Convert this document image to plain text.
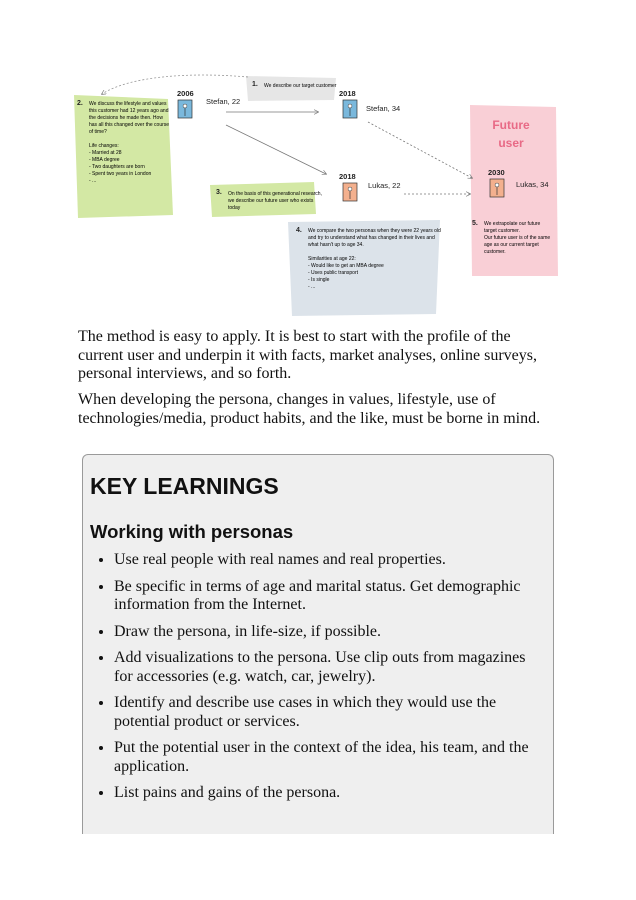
1.
2.
3.
4.
5.
We describe our target customer
We discuss the lifestyle and values this customer had 12 years ago and the decisions he made then. How has all this changed over the course of time? Life changes: - Married at 28 - MBA degree - Two daughters are born - Spent two years in London - ...
On the basis of this generational research, we describe our future user who exists today
We compare the two personas when they were 22 years old and try to understand what has changed in their lives and what hasn't up to age 34. Similarities at age 22: - Would like to get an MBA degree - Uses public transport - Is single - ...
We extrapolate our future target customer. Our future user is of the same age as our current target customer.
Future
user
2006
Stefan, 22
2018
Stefan, 34
2018
Lukas, 22
2030
Lukas, 34

The method is easy to apply. It is best to start with the profile of the current user and underpin it with facts, market analyses, online surveys, personal interviews, and so forth.

When developing the persona, changes in values, lifestyle, use of technologies/media, product habits, and the like, must be borne in mind.

KEY LEARNINGS
Working with personas
• Use real people with real names and real properties.
• Be specific in terms of age and marital status. Get demographic information from the Internet.
• Draw the persona, in life-size, if possible.
• Add visualizations to the persona. Use clip outs from magazines for accessories (e.g. watch, car, jewelry).
• Identify and describe use cases in which they would use the potential product or services.
• Put the potential user in the context of the idea, his team, and the application.
• List pains and gains of the persona.
